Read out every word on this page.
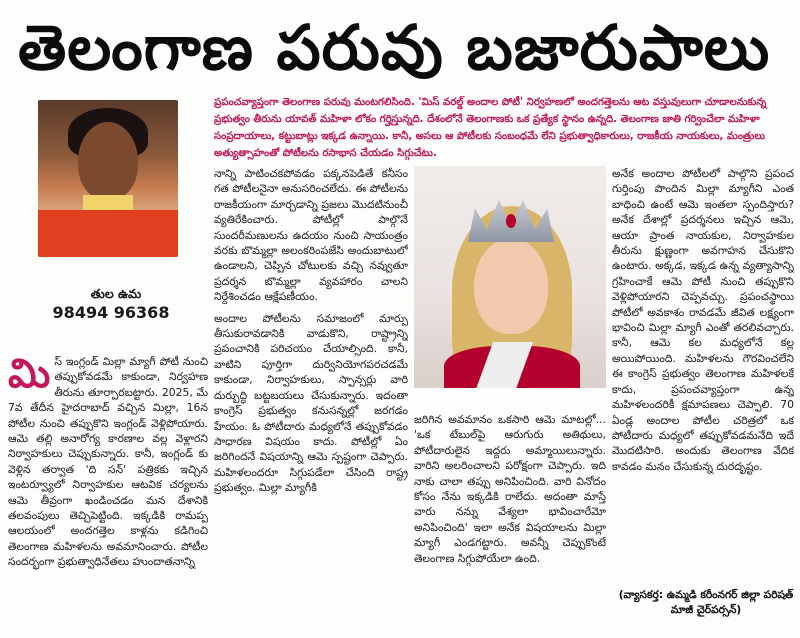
తెలంగాణ పరువు బజారుపాలు
ప్రపంచవ్యాప్తంగా తెలంగాణ పరువు మంటగలిసింది. 'మిస్ వరల్డ్ అందాల పోటీ' నిర్వహణలో అందగత్తెలను ఆట వస్తువులుగా చూడాలనుకున్న ప్రభుత్వం తీరును యావత్ మహిళా లోకం గర్హిస్తున్నది. దేశంలోనే తెలంగాణకు ఒక ప్రత్యేక స్థానం ఉన్నది. తెలంగాణ జాతి గర్వించేలా మహిళా సంప్రదాయాలు, కట్టుబాట్లు ఇక్కడ ఉన్నాయి. కానీ, అసలు ఆ పోటీలకు సంబంధమే లేని ప్రభుత్వాధికారులు, రాజకీయ నాయకులు, మంత్రులు అత్యుత్సాహంతో పోటీలను రసాభాస చేయడం సిగ్గుచేటు.
తుల ఉమ
98494 96368
మి స్ ఇంగ్లండ్ మిల్లా మ్యాగీ పోటీ నుంచి తప్పుకోవడమే కాకుండా, నిర్వహణ తీరును తూర్పారబట్టారు. 2025, మే 7వ తేదీన హైదరాబాద్ వచ్చిన మిల్లా, 16న పోటీల నుంచి తప్పుకొని ఇంగ్లండ్ వెళ్లిపోయారు. ఆమె తల్లి అనారోగ్య కారణాల వల్ల వెళ్లారని నిర్వాహకులు చెప్పుకున్నారు. కానీ, ఇంగ్లండ్ కు వెళ్లిన తర్వాత 'ది సన్' పత్రికకు ఇచ్చిన ఇంటర్వ్యూలో నిర్వాహకుల ఆటవిక చర్యలను ఆమె తీవ్రంగా ఖండించడం మన దేశానికి తలవంపులు తెచ్చిపెట్టింది. ఇక్కడికి రామప్ప ఆలయంలో అందగత్తెల కాళ్లను కడిగించి తెలంగాణ మహిళలను అవమానించారు. పోటీల సందర్భంగా ప్రభుత్వాధినేతలు హుందాతనాన్ని

నాన్ని పాటించకపోవడం పక్కనపెడితే కనీసం గత పోటీలనైనా అనుసరించలేదు. ఈ పోటీలను రాజకీయంగా మార్చడాన్ని ప్రజలు మొదటినుంచీ వ్యతిరేకించారు. పోటీల్లో పాల్గొనే సుందరీమణులను ఉదయం నుంచి సాయంత్రం వరకు బొమ్మల్లా అలంకరింపజేసి అందుబాటులో ఉండాలని, చెప్పిన చోటులకు వచ్చి నవ్వుతూ ప్రదర్శన బొమ్మల్లా వ్యవహారం చాలని నిర్దేశించడం ఆక్షేపణీయం.

అందాల పోటీలను సమాజంలో మార్పు తీసుకురావడానికి వాడుకొని, రాష్ట్రాన్ని ప్రపంచానికి పరిచయం చేయాల్సింది. కానీ, వాటిని పూర్తిగా దుర్వినియోగపరచడమే కాకుండా, నిర్వాహకులు, స్పాన్సర్లు వారి దుర్బుద్ధి బట్టబయలు చేసుకున్నారు. ఇదంతా కాంగ్రెస్ ప్రభుత్వం కనుసన్నల్లో జరగడం హేయం. ఓ పోటీదారు మధ్యలోనే తప్పుకోవడం సాధారణ విషయం కాదు. పోటీల్లో ఏం జరిగిందనే విషయాన్ని ఆమె స్పష్టంగా చెప్పారు. మహిళలందరూ సిగ్గుపడేలా చేసింది రాష్ట్ర ప్రభుత్వం. మిల్లా మ్యాగీకి

జరిగిన అవమానం ఒకసారి ఆమె మాటల్లో... 'ఒక టేబుల్‌పై ఆరుగురు అతిథులు, పోటీదారులైన ఇద్దరు అమ్మాయిలున్నారు. వారిని అలరించాలని పరోక్షంగా చెప్పారు. ఇది నాకు చాలా తప్పు అనిపించింది. వారి వినోదం కోసం నేను ఇక్కడికి రాలేదు. అదంతా మాస్తే వారు నన్ను వేశ్యలా భావించారేమో అనిపించింది' ఇలా అనేక విషయాలను మిల్లా మ్యాగీ ఎండగట్టారు. అవన్నీ చెప్పుకొంటే తెలంగాణ సిగ్గుపోయేలా ఉంది.
అనేక అందాల పోటీలలో పాల్గొని ప్రపంచ గుర్తింపు పొందిన మిల్లా మ్యాగీని ఎంత బాధించి ఉంటే ఆమె ఇంతలా స్పందిస్తారు? అనేక దేశాల్లో ప్రదర్శనలు ఇచ్చిన ఆమె, ఆయా ప్రాంత నాయకుల, నిర్వాహకుల తీరును క్షుణ్ణంగా అవగాహన చేసుకొని ఉంటారు. అక్కడ, ఇక్కడ ఉన్న వ్యత్యాసాన్ని గ్రహించాకే ఆమె పోటీ నుంచి తప్పుకొని వెళ్లిపోయారని చెప్పవచ్చు. ప్రపంచస్థాయి పోటీలో అవకాశం రావడమే జీవిత లక్ష్యంగా భావించి మిల్లా మ్యాగీ ఎంతో తరలివచ్చారు. కానీ, ఆమె కల మధ్యలోనే కల్ల అయిపోయింది. మహిళలను గౌరవించలేని ఈ కాంగ్రెస్ ప్రభుత్వం తెలంగాణ మహిళలకే కాదు, ప్రపంచవ్యాప్తంగా ఉన్న మహిళలందరికీ క్షమాపణలు చెప్పాలి. 70 ఏండ్ల అందాల పోటీల చరిత్రలో ఒక పోటీదారు మధ్యలో తప్పుకోవడమనేది ఇదే మొదటిసారి. అందుకు తెలంగాణ వేదిక కావడం మనం చేసుకున్న దురదృష్టం.
(వ్యాసకర్త: ఉమ్మడి కరీంనగర్ జిల్లా పరిషత్ మాజీ చైర్‌పర్సన్)
